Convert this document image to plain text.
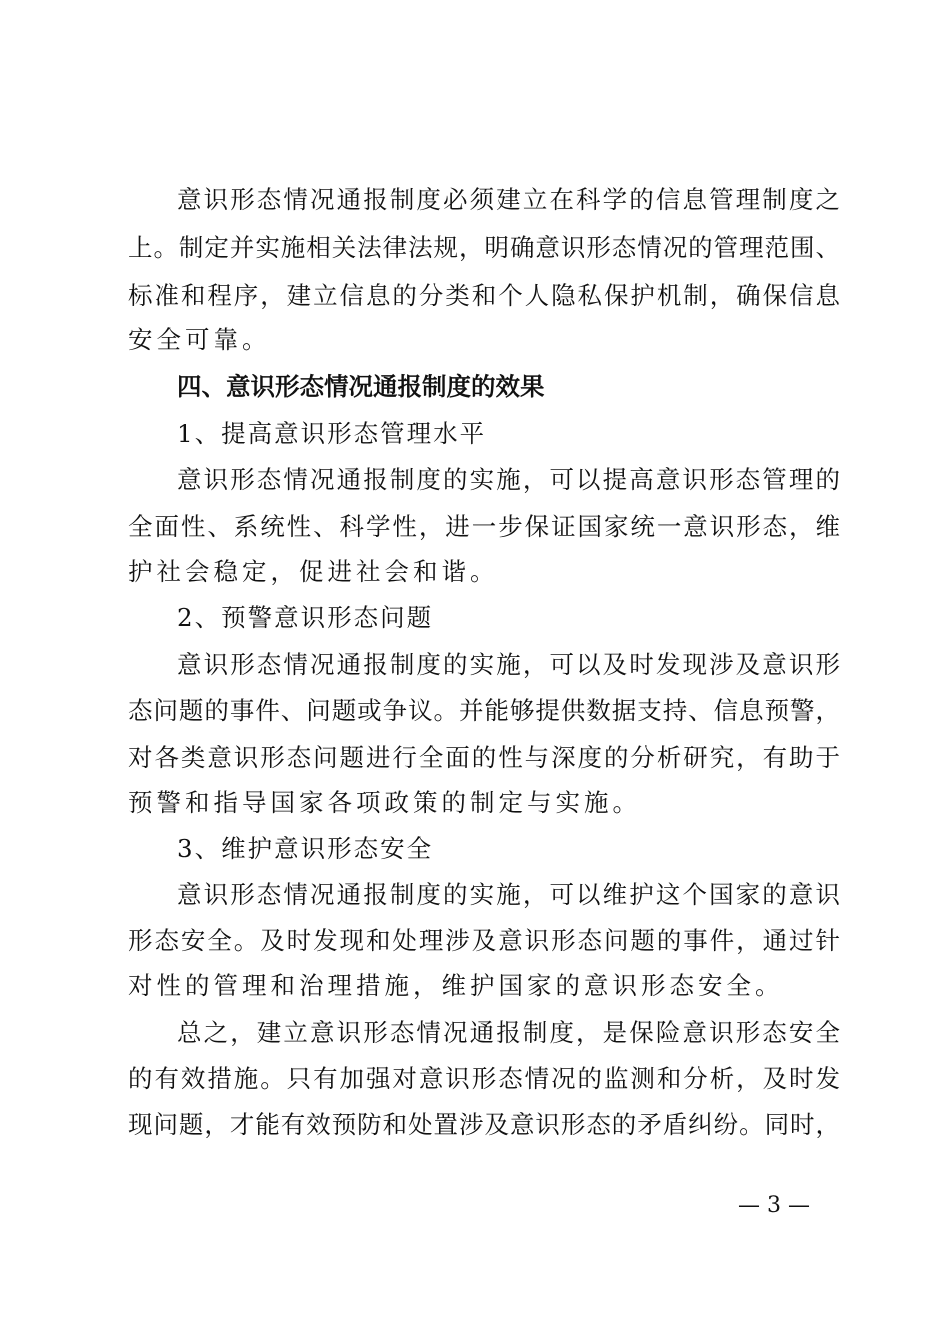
意识形态情况通报制度必须建立在科学的信息管理制度之
上。制定并实施相关法律法规，明确意识形态情况的管理范围、
标准和程序，建立信息的分类和个人隐私保护机制，确保信息
安全可靠。
四、意识形态情况通报制度的效果
1、提高意识形态管理水平
意识形态情况通报制度的实施，可以提高意识形态管理的
全面性、系统性、科学性，进一步保证国家统一意识形态，维
护社会稳定，促进社会和谐。
2、预警意识形态问题
意识形态情况通报制度的实施，可以及时发现涉及意识形
态问题的事件、问题或争议。并能够提供数据支持、信息预警，
对各类意识形态问题进行全面的性与深度的分析研究，有助于
预警和指导国家各项政策的制定与实施。
3、维护意识形态安全
意识形态情况通报制度的实施，可以维护这个国家的意识
形态安全。及时发现和处理涉及意识形态问题的事件，通过针
对性的管理和治理措施，维护国家的意识形态安全。
总之，建立意识形态情况通报制度，是保险意识形态安全
的有效措施。只有加强对意识形态情况的监测和分析，及时发
现问题，才能有效预防和处置涉及意识形态的矛盾纠纷。同时，
— 3 —
